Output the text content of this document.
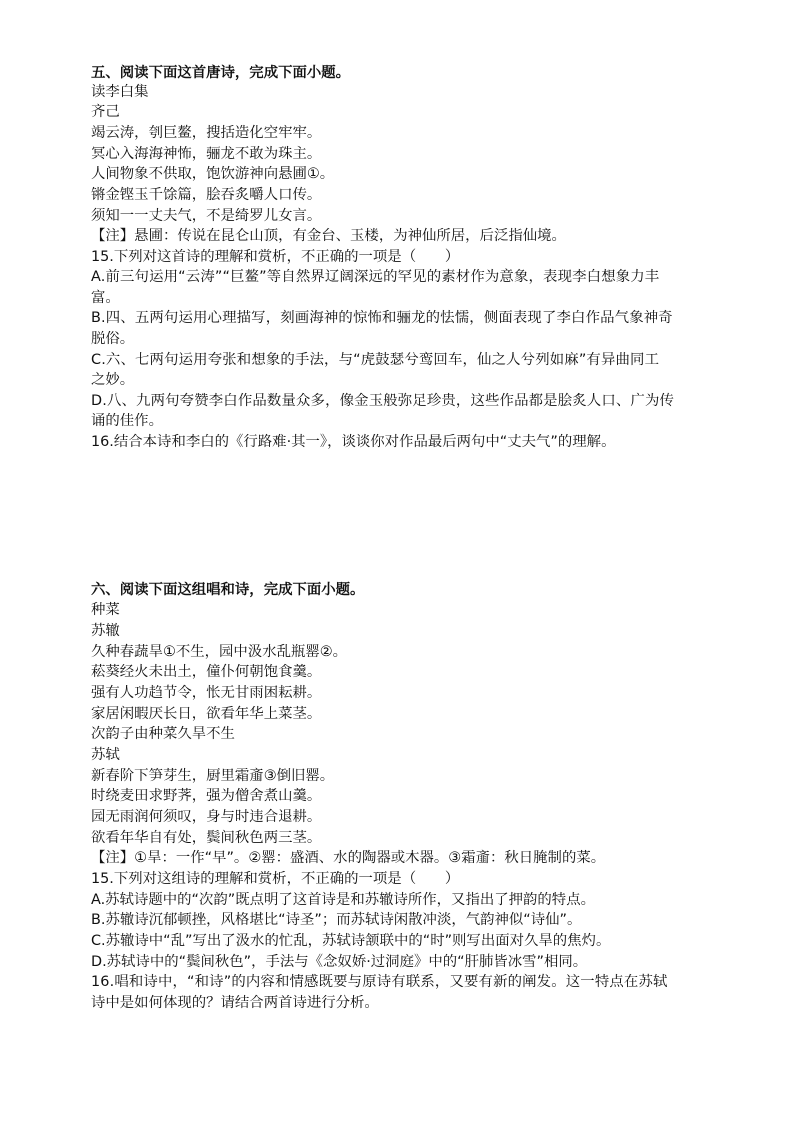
五、阅读下面这首唐诗，完成下面小题。
读李白集
齐己
竭云涛，刳巨鳌，搜括造化空牢牢。
冥心入海海神怖，骊龙不敢为珠主。
人间物象不供取，饱饮游神向悬圃①。
锵金铿玉千馀篇，脍吞炙嚼人口传。
须知一一丈夫气，不是绮罗儿女言。
【注】悬圃：传说在昆仑山顶，有金台、玉楼，为神仙所居，后泛指仙境。
15.下列对这首诗的理解和赏析，不正确的一项是（　　）
A.前三句运用“云涛”“巨鳌”等自然界辽阔深远的罕见的素材作为意象，表现李白想象力丰
富。
B.四、五两句运用心理描写，刻画海神的惊怖和骊龙的怯懦，侧面表现了李白作品气象神奇
脱俗。
C.六、七两句运用夸张和想象的手法，与“虎鼓瑟兮鸾回车，仙之人兮列如麻”有异曲同工
之妙。
D.八、九两句夸赞李白作品数量众多，像金玉般弥足珍贵，这些作品都是脍炙人口、广为传
诵的佳作。
16.结合本诗和李白的《行路难·其一》，谈谈你对作品最后两句中“丈夫气”的理解。
六、阅读下面这组唱和诗，完成下面小题。
种菜
苏辙
久种春蔬旱①不生，园中汲水乱瓶罂②。
菘葵经火未出土，僮仆何朝饱食羹。
强有人功趋节令，怅无甘雨困耘耕。
家居闲暇厌长日，欲看年华上菜茎。
次韵子由种菜久旱不生
苏轼
新春阶下笋芽生，厨里霜齑③倒旧罂。
时绕麦田求野荠，强为僧舍煮山羹。
园无雨润何须叹，身与时违合退耕。
欲看年华自有处，鬓间秋色两三茎。
【注】①旱：一作“早”。②罂：盛酒、水的陶器或木器。③霜齑：秋日腌制的菜。
15.下列对这组诗的理解和赏析，不正确的一项是（　　）
A.苏轼诗题中的“次韵”既点明了这首诗是和苏辙诗所作，又指出了押韵的特点。
B.苏辙诗沉郁顿挫，风格堪比“诗圣”；而苏轼诗闲散冲淡，气韵神似“诗仙”。
C.苏辙诗中“乱”写出了汲水的忙乱，苏轼诗颔联中的“时”则写出面对久旱的焦灼。
D.苏轼诗中的“鬓间秋色”，手法与《念奴娇·过洞庭》中的“肝肺皆冰雪”相同。
16.唱和诗中，“和诗”的内容和情感既要与原诗有联系，又要有新的阐发。这一特点在苏轼
诗中是如何体现的？请结合两首诗进行分析。
